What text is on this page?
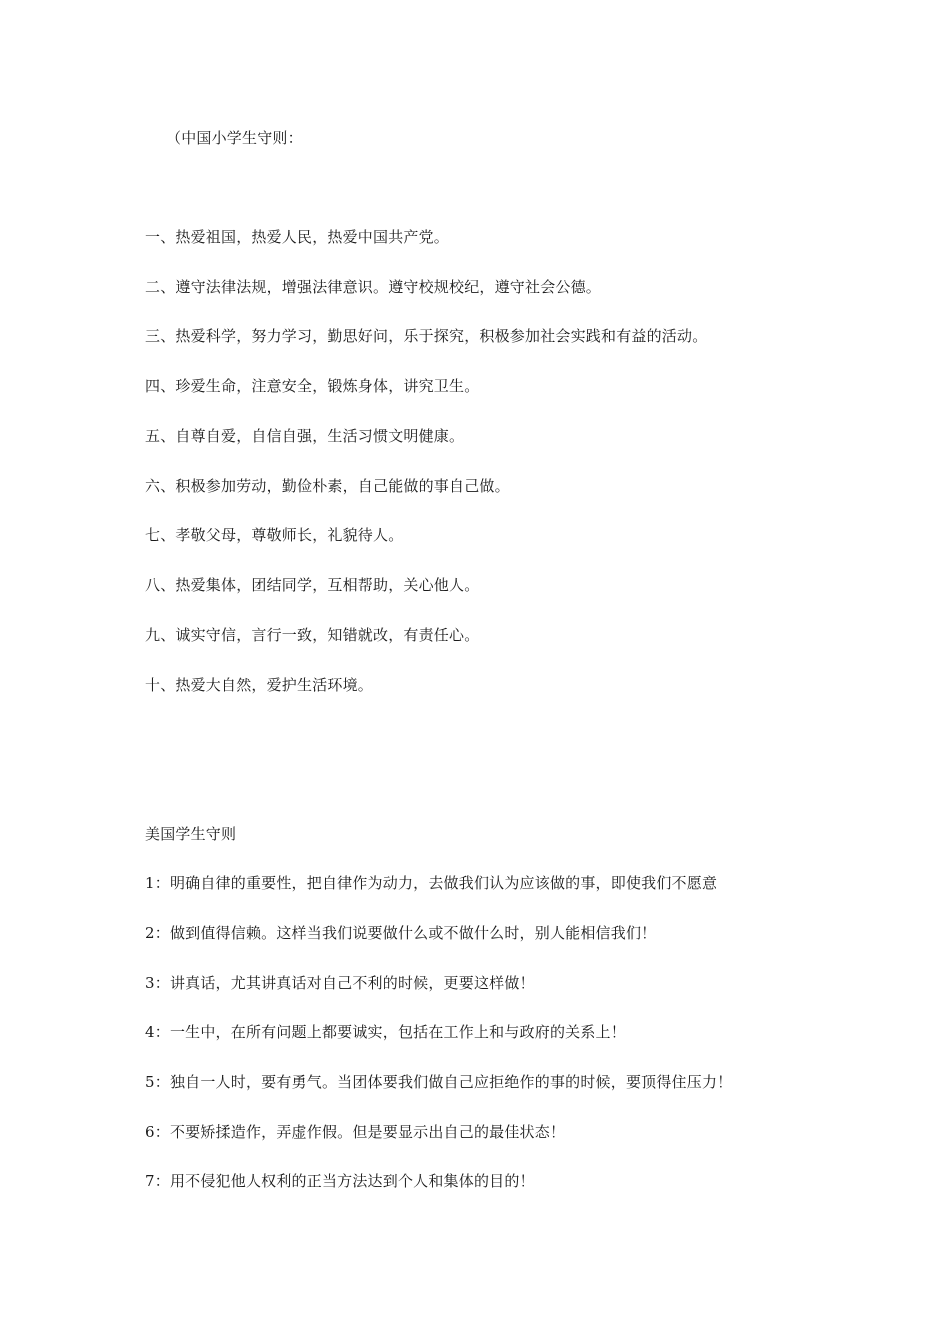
（中国小学生守则：
一、热爱祖国，热爱人民，热爱中国共产党。
二、遵守法律法规，增强法律意识。遵守校规校纪，遵守社会公德。
三、热爱科学，努力学习，勤思好问，乐于探究，积极参加社会实践和有益的活动。
四、珍爱生命，注意安全，锻炼身体，讲究卫生。
五、自尊自爱，自信自强，生活习惯文明健康。
六、积极参加劳动，勤俭朴素，自己能做的事自己做。
七、孝敬父母，尊敬师长，礼貌待人。
八、热爱集体，团结同学，互相帮助，关心他人。
九、诚实守信，言行一致，知错就改，有责任心。
十、热爱大自然，爱护生活环境。
美国学生守则
1：明确自律的重要性，把自律作为动力，去做我们认为应该做的事，即使我们不愿意
2：做到值得信赖。这样当我们说要做什么或不做什么时，别人能相信我们！
3：讲真话，尤其讲真话对自己不利的时候，更要这样做！
4：一生中，在所有问题上都要诚实，包括在工作上和与政府的关系上！
5：独自一人时，要有勇气。当团体要我们做自己应拒绝作的事的时候，要顶得住压力！
6：不要矫揉造作，弄虚作假。但是要显示出自己的最佳状态！
7：用不侵犯他人权利的正当方法达到个人和集体的目的！
